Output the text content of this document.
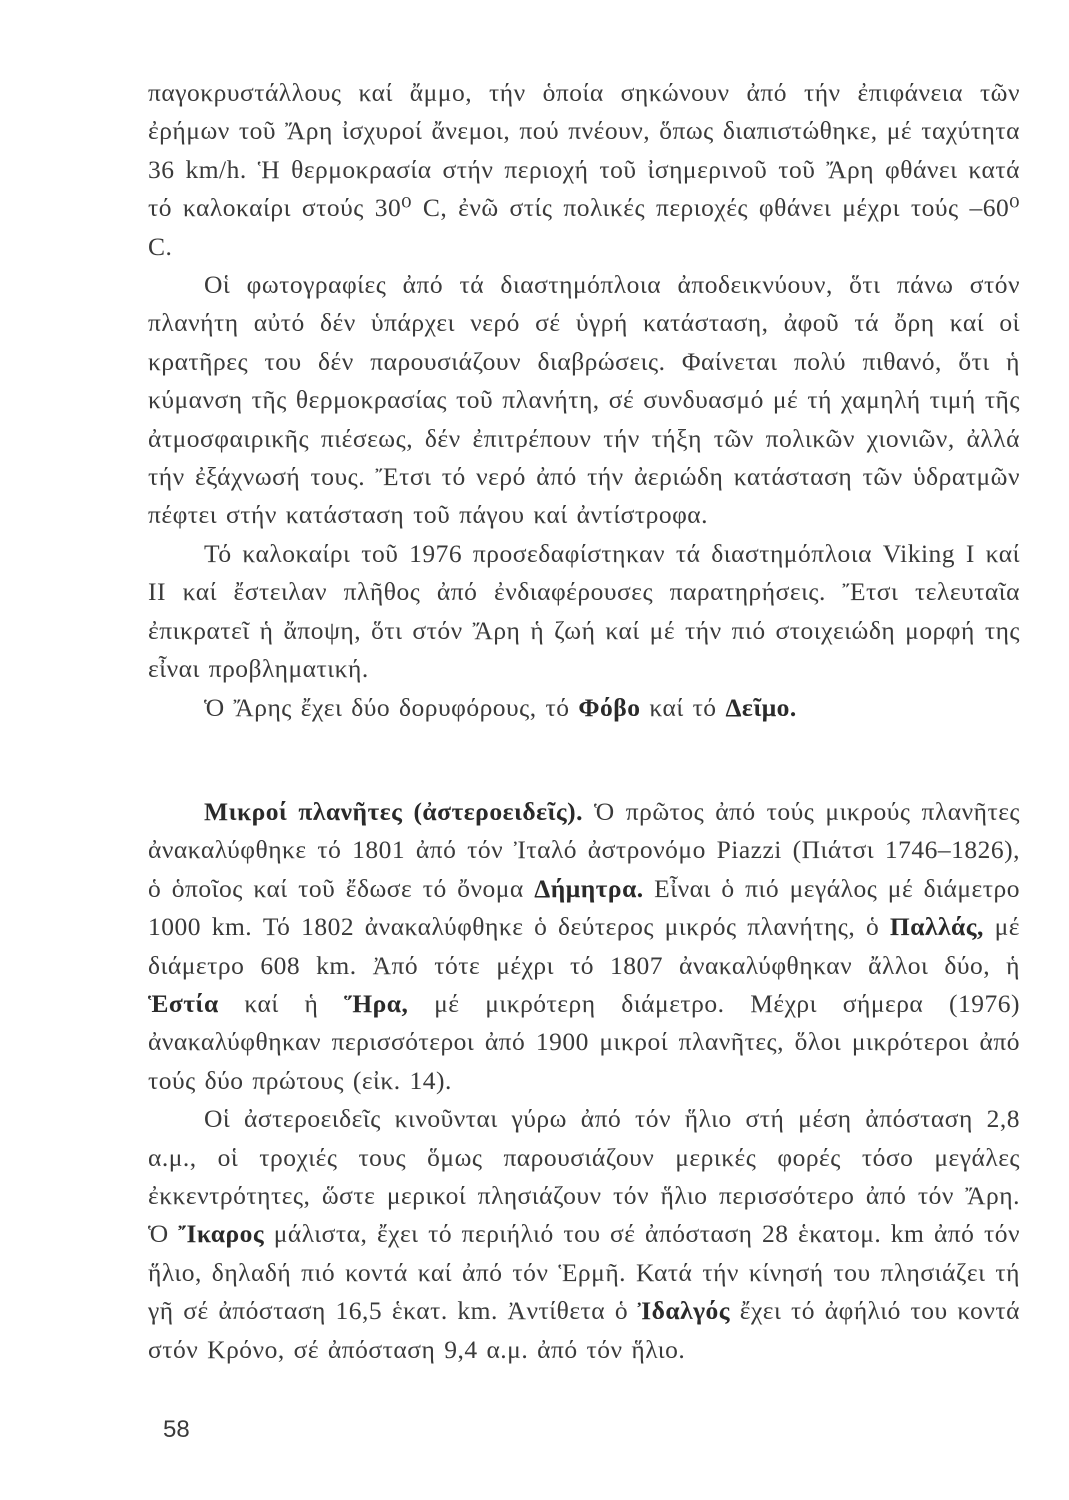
παγοκρυστάλλους καί ἄμμο, τήν ὁποία σηκώνουν ἀπό τήν ἐπιφάνεια τῶν ἐρήμων τοῦ Ἄρη ἰσχυροί ἄνεμοι, πού πνέουν, ὅπως διαπιστώθηκε, μέ ταχύτητα 36 km/h. Ἡ θερμοκρασία στήν περιοχή τοῦ ἰσημερινοῦ τοῦ Ἄρη φθάνει κατά τό καλοκαίρι στούς 30⁰ C, ἐνῶ στίς πολικές περιοχές φθάνει μέχρι τούς –60⁰ C.

Οἱ φωτογραφίες ἀπό τά διαστημόπλοια ἀποδεικνύουν, ὅτι πάνω στόν πλανήτη αὐτό δέν ὑπάρχει νερό σέ ὑγρή κατάσταση, ἀφοῦ τά ὄρη καί οἱ κρατῆρες του δέν παρουσιάζουν διαβρώσεις. Φαίνεται πολύ πιθανό, ὅτι ἡ κύμανση τῆς θερμοκρασίας τοῦ πλανήτη, σέ συνδυασμό μέ τή χαμηλή τιμή τῆς ἀτμοσφαιρικῆς πιέσεως, δέν ἐπιτρέπουν τήν τήξη τῶν πολικῶν χιονιῶν, ἀλλά τήν ἐξάχνωσή τους. Ἔτσι τό νερό ἀπό τήν ἀεριώδη κατάσταση τῶν ὑδρατμῶν πέφτει στήν κατάσταση τοῦ πάγου καί ἀντίστροφα.

Τό καλοκαίρι τοῦ 1976 προσεδαφίστηκαν τά διαστημόπλοια Viking I καί II καί ἔστειλαν πλῆθος ἀπό ἐνδιαφέρουσες παρατηρήσεις. Ἔτσι τελευταῖα ἐπικρατεῖ ἡ ἄποψη, ὅτι στόν Ἄρη ἡ ζωή καί μέ τήν πιό στοιχειώδη μορφή της εἶναι προβληματική.

Ὁ Ἄρης ἔχει δύο δορυφόρους, τό Φόβο καί τό Δεῖμο.

Μικροί πλανῆτες (ἀστεροειδεῖς). Ὁ πρῶτος ἀπό τούς μικρούς πλανῆτες ἀνακαλύφθηκε τό 1801 ἀπό τόν Ἰταλό ἀστρονόμο Piazzi (Πιάτσι 1746–1826), ὁ ὁποῖος καί τοῦ ἔδωσε τό ὄνομα Δήμητρα. Εἶναι ὁ πιό μεγάλος μέ διάμετρο 1000 km. Τό 1802 ἀνακαλύφθηκε ὁ δεύτερος μικρός πλανήτης, ὁ Παλλάς, μέ διάμετρο 608 km. Ἀπό τότε μέχρι τό 1807 ἀνακαλύφθηκαν ἄλλοι δύο, ἡ Ἑστία καί ἡ Ἥρα, μέ μικρότερη διάμετρο. Μέχρι σήμερα (1976) ἀνακαλύφθηκαν περισσότεροι ἀπό 1900 μικροί πλανῆτες, ὅλοι μικρότεροι ἀπό τούς δύο πρώτους (εἰκ. 14).

Οἱ ἀστεροειδεῖς κινοῦνται γύρω ἀπό τόν ἥλιο στή μέση ἀπόσταση 2,8 α.μ., οἱ τροχιές τους ὅμως παρουσιάζουν μερικές φορές τόσο μεγάλες ἐκκεντρότητες, ὥστε μερικοί πλησιάζουν τόν ἥλιο περισσότερο ἀπό τόν Ἄρη. Ὁ Ἴκαρος μάλιστα, ἔχει τό περιήλιό του σέ ἀπόσταση 28 ἑκατομ. km ἀπό τόν ἥλιο, δηλαδή πιό κοντά καί ἀπό τόν Ἑρμῆ. Κατά τήν κίνησή του πλησιάζει τή γῆ σέ ἀπόσταση 16,5 ἑκατ. km. Ἀντίθετα ὁ Ἰδαλγός ἔχει τό ἀφήλιό του κοντά στόν Κρόνο, σέ ἀπόσταση 9,4 α.μ. ἀπό τόν ἥλιο.

58
